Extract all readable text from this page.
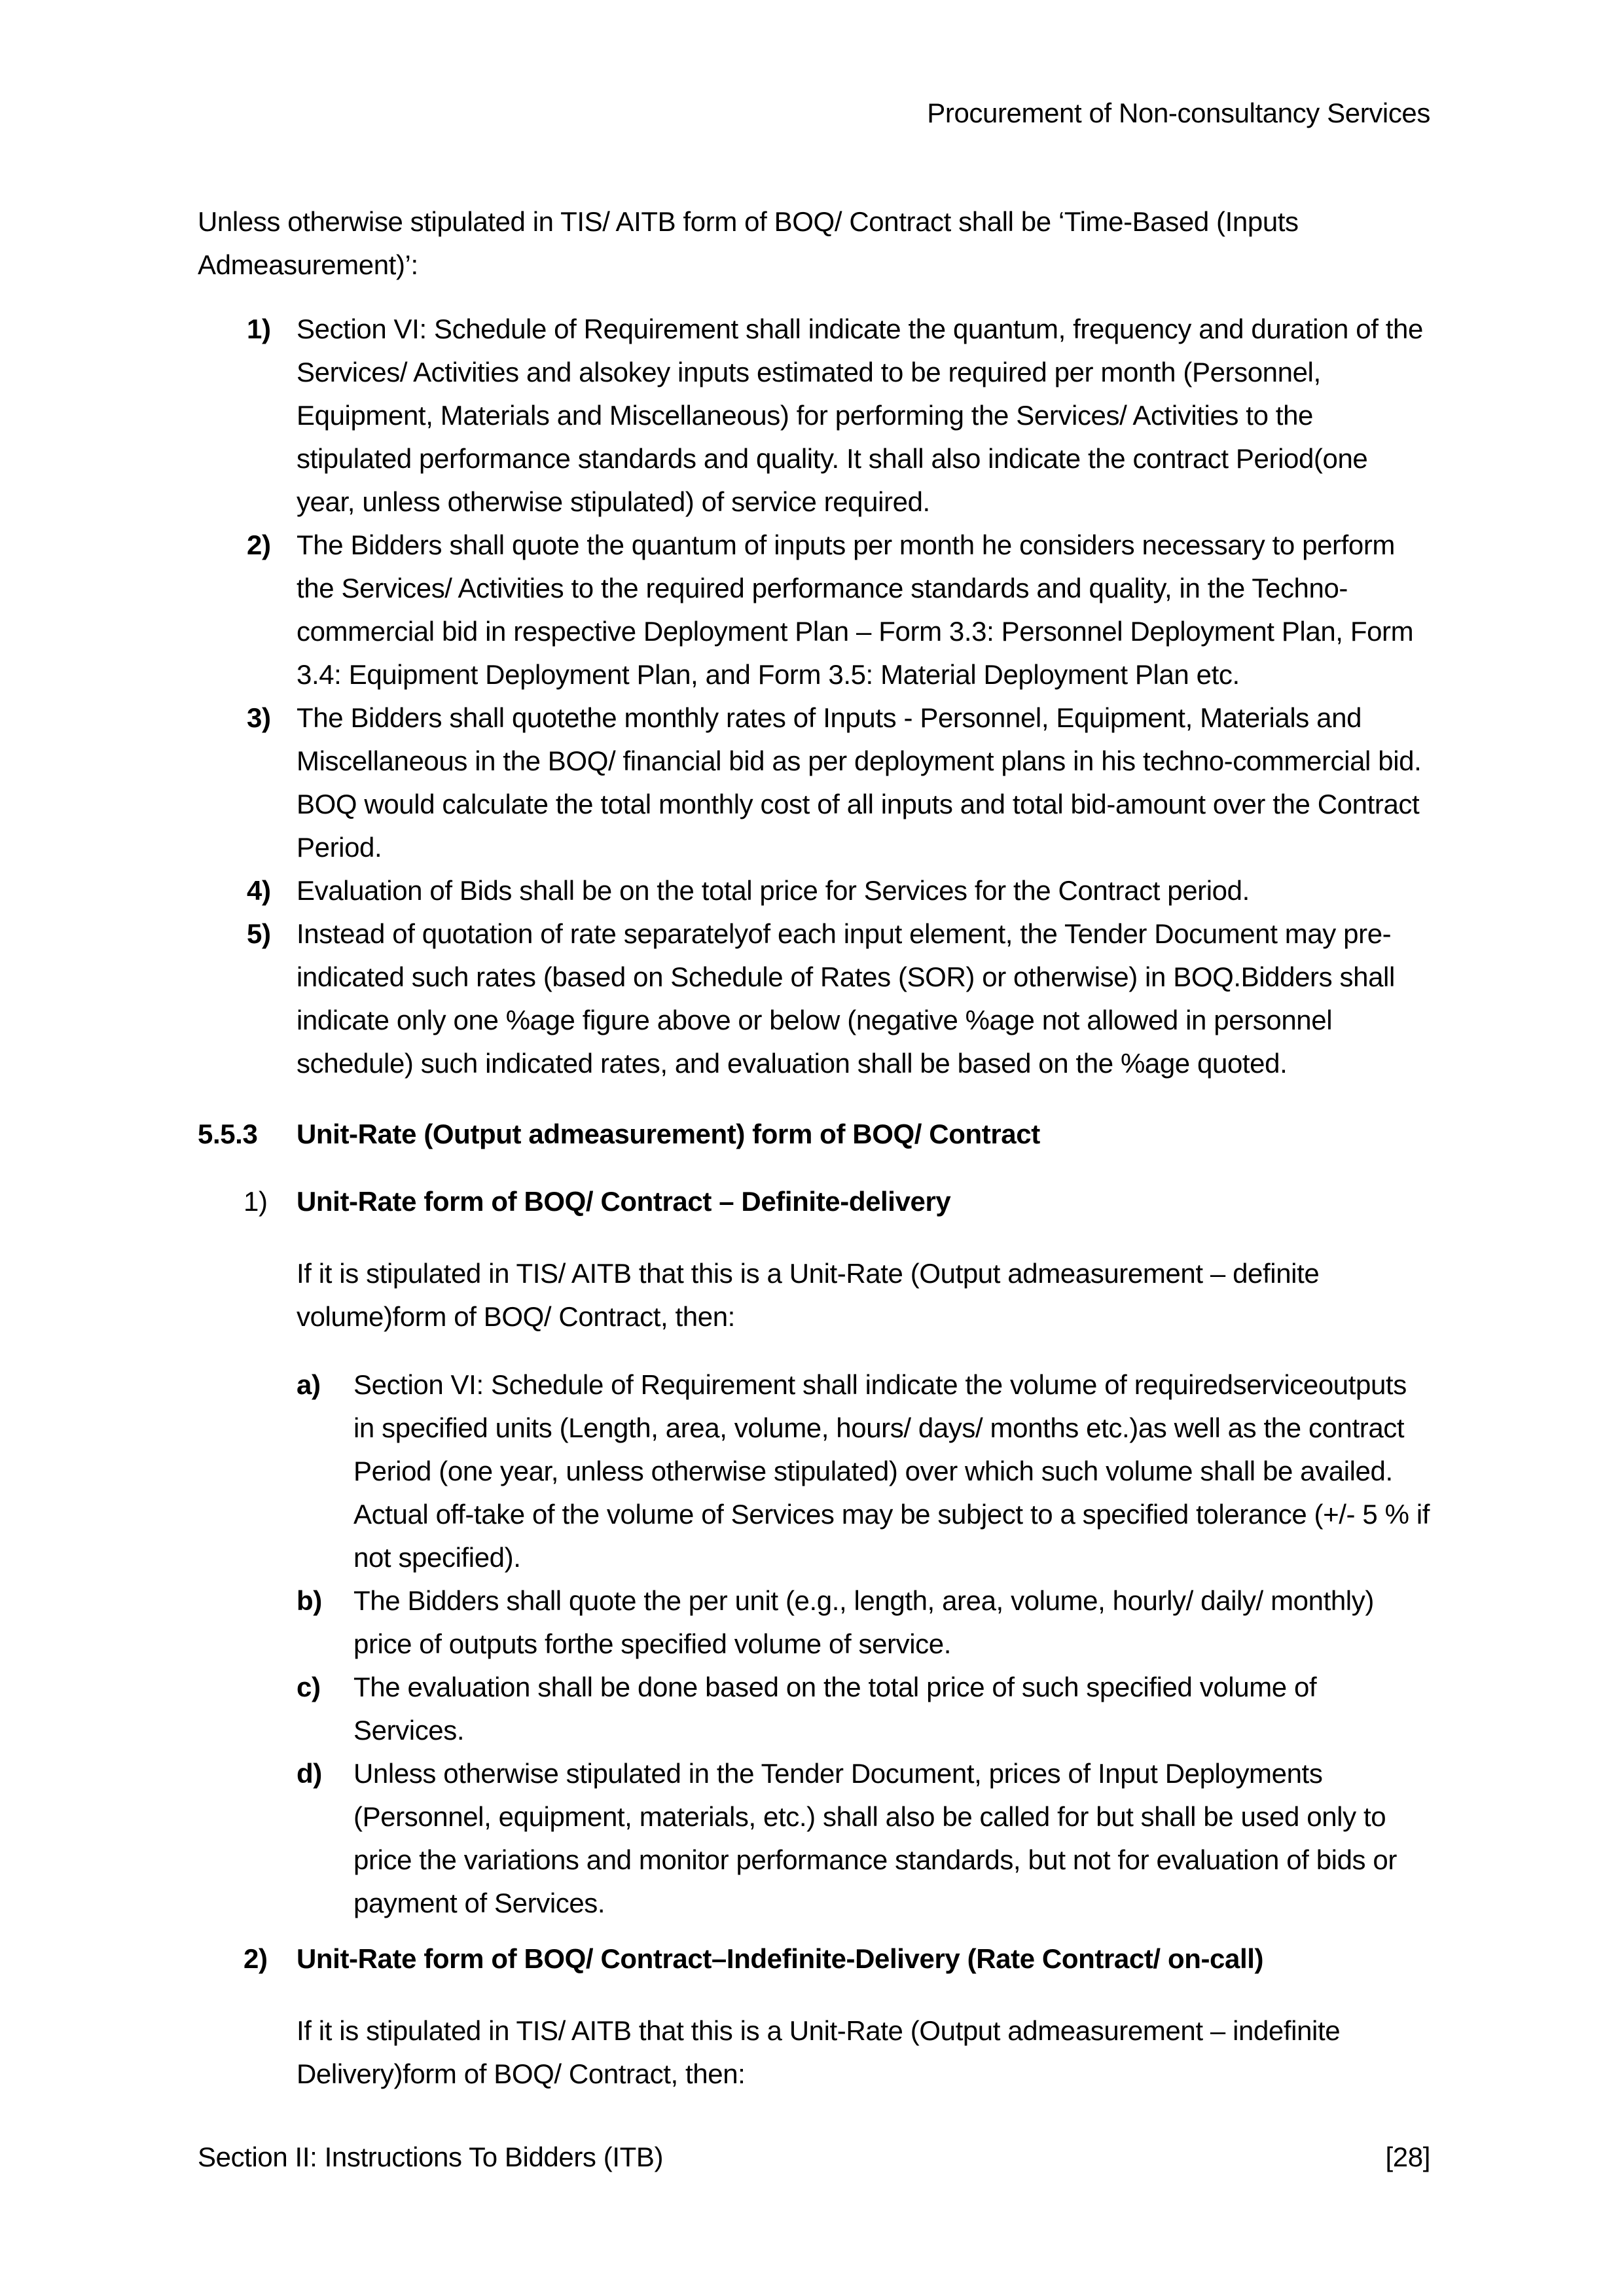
Procurement of Non-consultancy Services
Unless otherwise stipulated in TIS/ AITB form of BOQ/ Contract shall be ‘Time-Based (Inputs Admeasurement)’:
1) Section VI: Schedule of Requirement shall indicate the quantum, frequency and duration of the Services/ Activities and alsokey inputs estimated to be required per month (Personnel, Equipment, Materials and Miscellaneous) for performing the Services/ Activities to the stipulated performance standards and quality. It shall also indicate the contract Period(one year, unless otherwise stipulated) of service required.
2) The Bidders shall quote the quantum of inputs per month he considers necessary to perform the Services/ Activities to the required performance standards and quality, in the Techno-commercial bid in respective Deployment Plan – Form 3.3: Personnel Deployment Plan, Form 3.4: Equipment Deployment Plan, and Form 3.5: Material Deployment Plan etc.
3) The Bidders shall quotethe monthly rates of Inputs - Personnel, Equipment, Materials and Miscellaneous in the BOQ/ financial bid as per deployment plans in his techno-commercial bid. BOQ would calculate the total monthly cost of all inputs and total bid-amount over the Contract Period.
4) Evaluation of Bids shall be on the total price for Services for the Contract period.
5) Instead of quotation of rate separatelyof each input element, the Tender Document may pre-indicated such rates (based on Schedule of Rates (SOR) or otherwise) in BOQ.Bidders shall indicate only one %age figure above or below (negative %age not allowed in personnel schedule) such indicated rates, and evaluation shall be based on the %age quoted.
5.5.3	Unit-Rate (Output admeasurement) form of BOQ/ Contract
1)	Unit-Rate form of BOQ/ Contract – Definite-delivery
If it is stipulated in TIS/ AITB that this is a Unit-Rate (Output admeasurement – definite volume)form of BOQ/ Contract, then:
a)	Section VI: Schedule of Requirement shall indicate the volume of requiredserviceoutputs in specified units (Length, area, volume, hours/ days/ months etc.)as well as the contract Period (one year, unless otherwise stipulated) over which such volume shall be availed. Actual off-take of the volume of Services may be subject to a specified tolerance (+/- 5 % if not specified).
b)	The Bidders shall quote the per unit (e.g., length, area, volume, hourly/ daily/ monthly) price of outputs forthe specified volume of service.
c)	The evaluation shall be done based on the total price of such specified volume of Services.
d)	Unless otherwise stipulated in the Tender Document, prices of Input Deployments (Personnel, equipment, materials, etc.) shall also be called for but shall be used only to price the variations and monitor performance standards, but not for evaluation of bids or payment of Services.
2)	Unit-Rate form of BOQ/ Contract–Indefinite-Delivery (Rate Contract/ on-call)
If it is stipulated in TIS/ AITB that this is a Unit-Rate (Output admeasurement – indefinite Delivery)form of BOQ/ Contract, then:
Section II: Instructions To Bidders (ITB)	[28]
